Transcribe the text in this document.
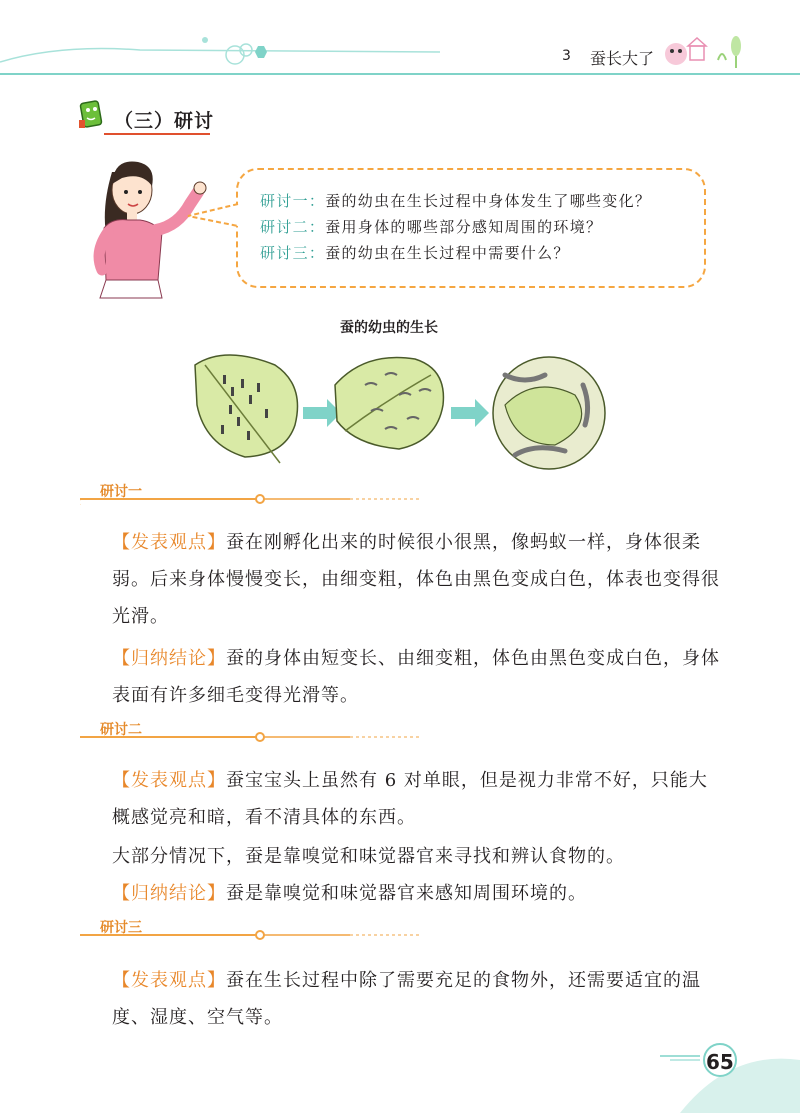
3 蚕长大了
（三）研讨
研讨一：蚕的幼虫在生长过程中身体发生了哪些变化？
研讨二：蚕用身体的哪些部分感知周围的环境？
研讨三：蚕的幼虫在生长过程中需要什么？
蚕的幼虫的生长
研讨一
【发表观点】蚕在刚孵化出来的时候很小很黑，像蚂蚁一样，身体很柔弱。后来身体慢慢变长，由细变粗，体色由黑色变成白色，体表也变得很光滑。
【归纳结论】蚕的身体由短变长、由细变粗，体色由黑色变成白色，身体表面有许多细毛变得光滑等。
研讨二
【发表观点】蚕宝宝头上虽然有 6 对单眼，但是视力非常不好，只能大概感觉亮和暗，看不清具体的东西。
大部分情况下，蚕是靠嗅觉和味觉器官来寻找和辨认食物的。
【归纳结论】蚕是靠嗅觉和味觉器官来感知周围环境的。
研讨三
【发表观点】蚕在生长过程中除了需要充足的食物外，还需要适宜的温度、湿度、空气等。
65
